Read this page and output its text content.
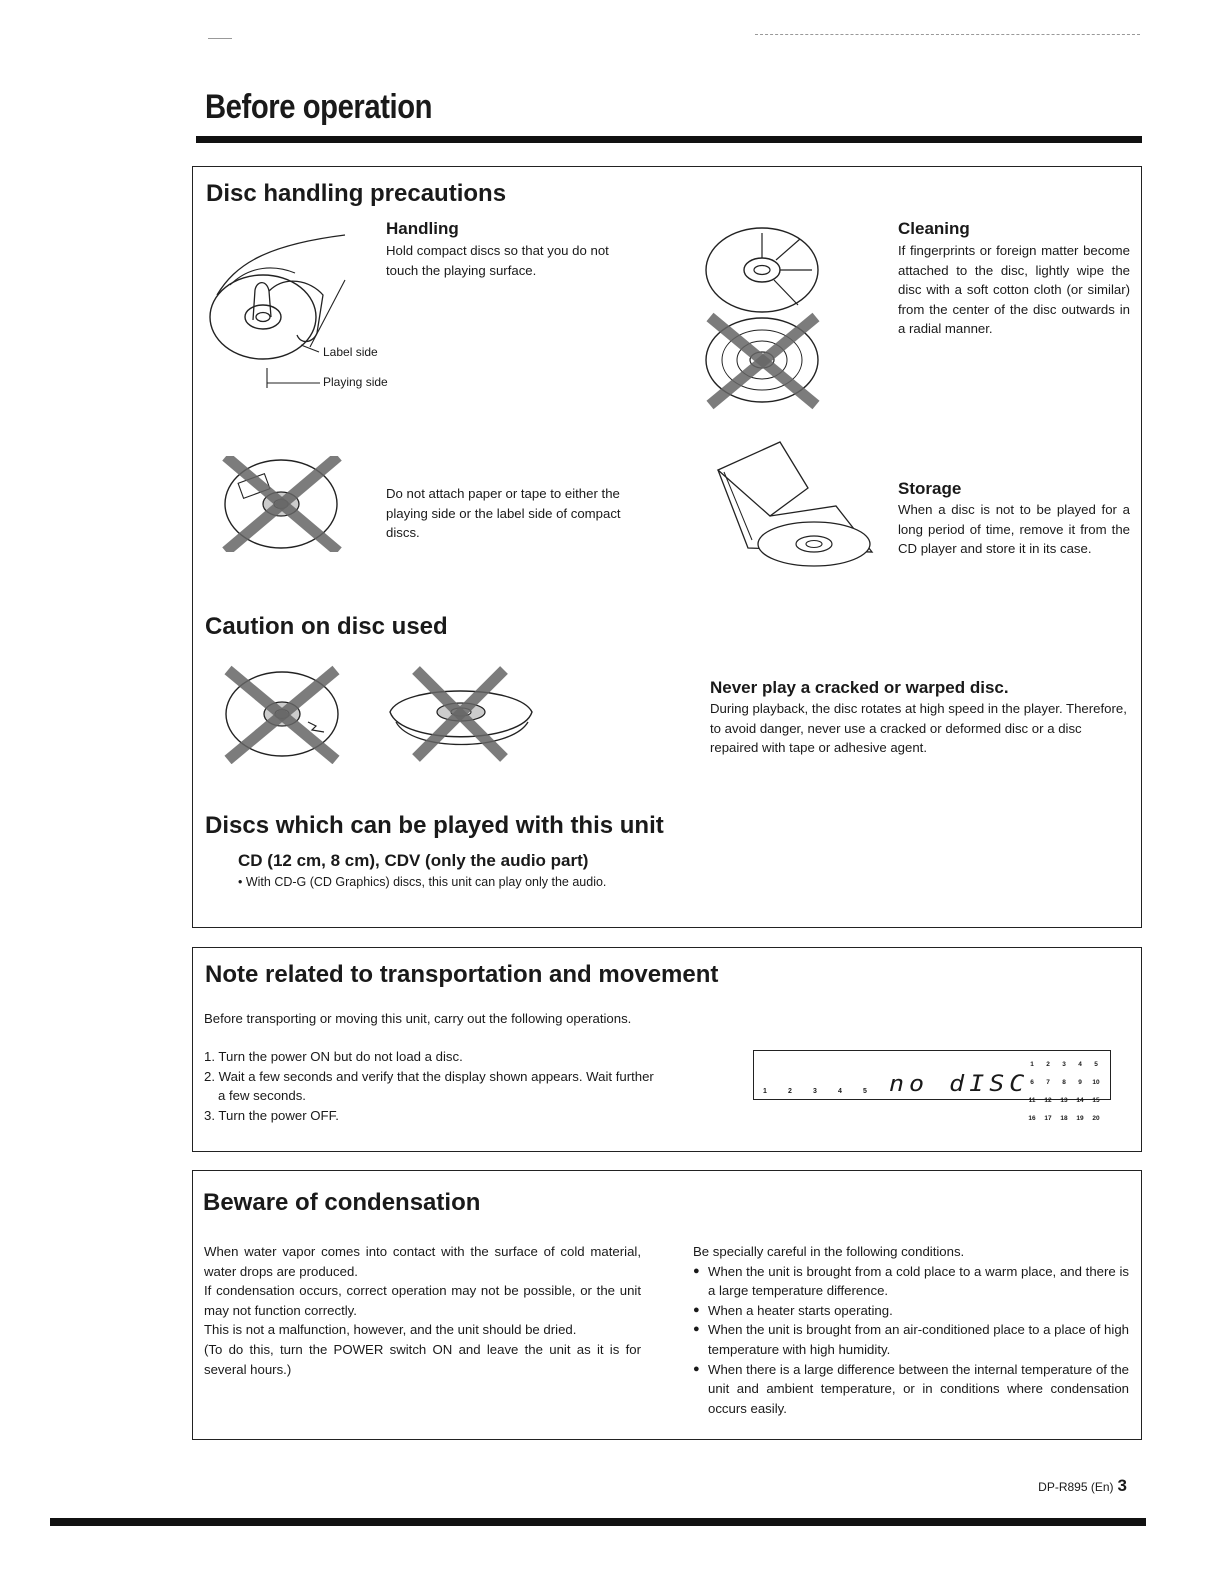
Before operation
Disc handling precautions
Handling
Hold compact discs so that you do not touch the playing surface.
Label side
Playing side
Do not attach paper or tape to either the playing side or the label side of compact discs.
Cleaning
If fingerprints or foreign matter become attached to the disc, lightly wipe the disc with a soft cotton cloth (or similar) from the center of the disc outwards in a radial manner.
Storage
When a disc is not to be played for a long period of time, remove it from the CD player and store it in its case.
Caution on disc used
Never play a cracked or warped disc.
During playback, the disc rotates at high speed in the player. Therefore, to avoid danger, never use a cracked or deformed disc or a disc repaired with tape or adhesive agent.
Discs which can be played with this unit
CD (12 cm, 8 cm), CDV (only the audio part)
• With CD-G (CD Graphics) discs, this unit can play only the audio.
Note related to transportation and movement
Before transporting or moving this unit, carry out the following operations.
1. Turn the power ON but do not load a disc.
2. Wait a few seconds and verify that the display shown appears. Wait further a few seconds.
3. Turn the power OFF.
1	2	3	4	5 no dISC
1 2 3 4 56 7 8 9 1011 12 13 14 1516 17 18 19 20
Beware of condensation
When water vapor comes into contact with the surface of cold material, water drops are produced.
If condensation occurs, correct operation may not be possible, or the unit may not function correctly.
This is not a malfunction, however, and the unit should be dried.
(To do this, turn the POWER switch ON and leave the unit as it is for several hours.)
Be specially careful in the following conditions.
● When the unit is brought from a cold place to a warm place, and there is a large temperature difference.
● When a heater starts operating.
● When the unit is brought from an air-conditioned place to a place of high temperature with high humidity.
● When there is a large difference between the internal temperature of the unit and ambient temperature, or in conditions where condensation occurs easily.
DP-R895 (En) 3
